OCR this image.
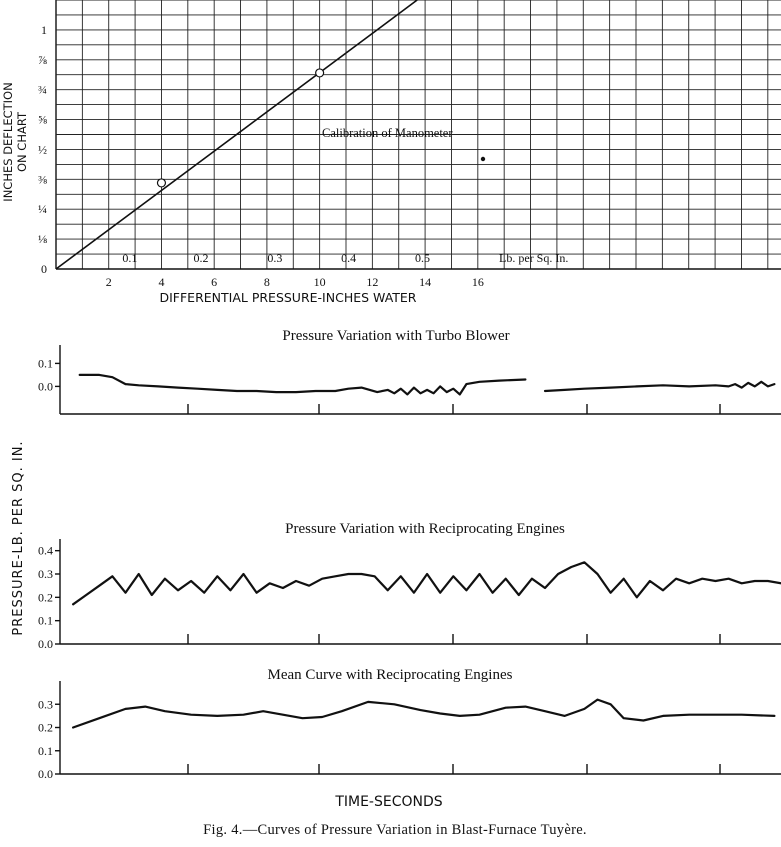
0
⅛
¼
⅜
½
⅝
¾
⅞
1
2	4	6	8	10	12	14	16
0.1	0.2	0.3	0.4	0.5
Calibration of Manometer
Lb. per Sq. In.
INCHES DEFLECTION ON CHART
DIFFERENTIAL PRESSURE-INCHES WATER
Pressure Variation with Turbo Blower
0.1
0.0
Pressure Variation with Reciprocating Engines
0.4
0.3
0.2
0.1
0.0
Mean Curve with Reciprocating Engines
0.3
0.2
0.1
0.0
PRESSURE-LB. PER SQ. IN.
TIME-SECONDS
Fig. 4.—Curves of Pressure Variation in Blast-Furnace Tuyère.
